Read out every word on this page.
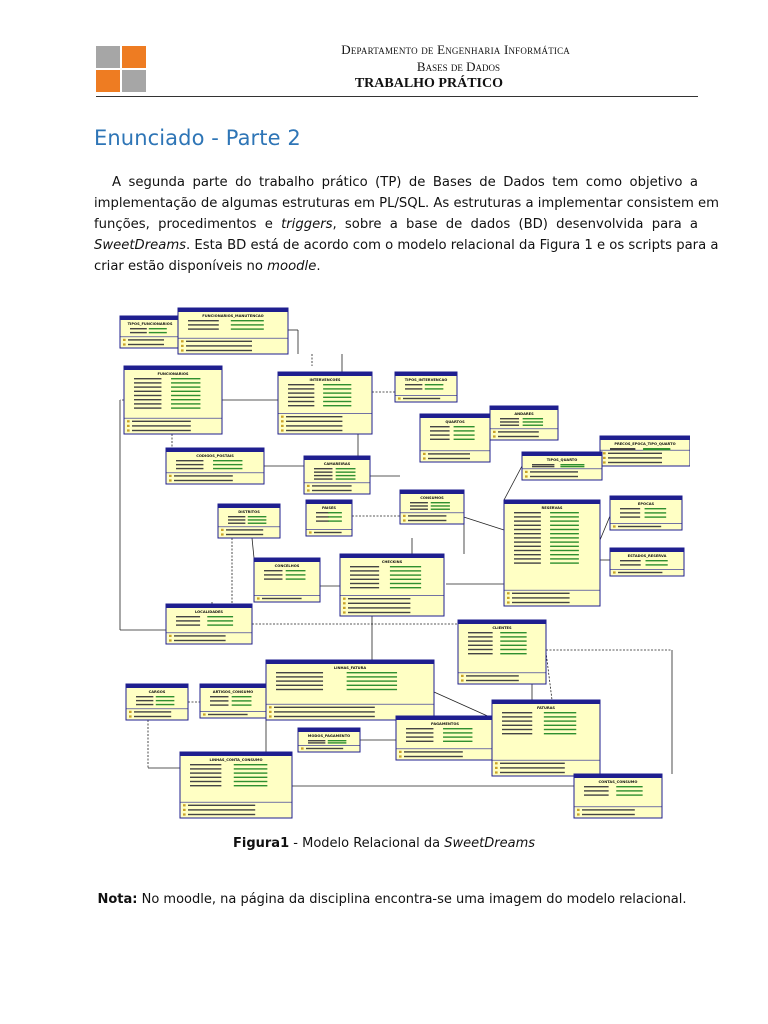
Departamento de Engenharia Informática
Bases de Dados
TRABALHO PRÁTICO
Enunciado - Parte 2
A segunda parte do trabalho prático (TP) de Bases de Dados tem como objetivo a
implementação de algumas estruturas em PL/SQL. As estruturas a implementar consistem em
funções, procedimentos e triggers, sobre a base de dados (BD) desenvolvida para a
SweetDreams. Esta BD está de acordo com o modelo relacional da Figura 1 e os scripts para a
criar estão disponíveis no moodle.
TIPOS_FUNCIONARIOS
FUNCIONARIOS_MANUTENCAO
FUNCIONARIOS
INTERVENCOES	TIPOS_INTERVENCAO
ANDARES
QUARTOS
PRECOS_EPOCA_TIPO_QUARTO
CODIGOS_POSTAIS
TIPOS_QUARTO
CAMAREIRAS
CONSUMOS
RESERVAS
EPOCAS
ESTADOS_RESERVA
CHECKINS
PAISES
DISTRITOS
CONCELHOS
LOCALIDADES
CLIENTES
LINHAS_FATURA
CARGOS	ARTIGOS_CONSUMO
MODOS_PAGAMENTO
PAGAMENTOS
FATURAS
LINHAS_CONTA_CONSUMO
CONTAS_CONSUMO
Figura1 - Modelo Relacional da SweetDreams
Nota: No moodle, na página da disciplina encontra-se uma imagem do modelo relacional.
